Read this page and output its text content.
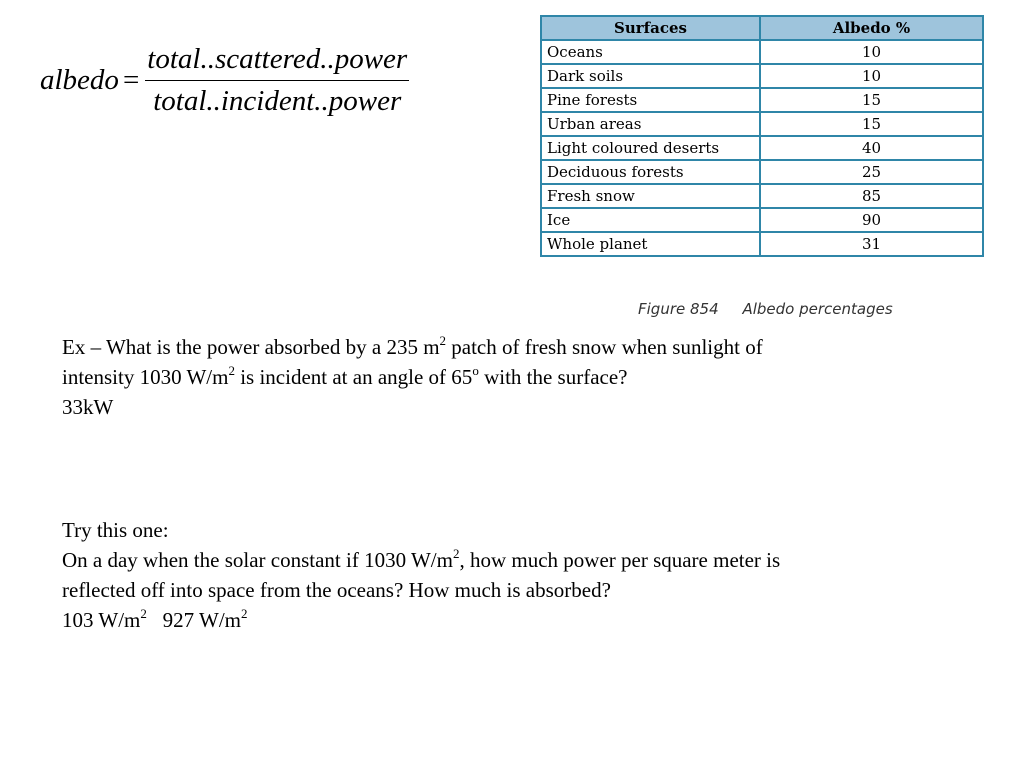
albedo = $\frac{\text{total..scattered..power}}{\text{total..incident..power}}$
Surfaces	Albedo %
Oceans	10
Dark soils	10
Pine forests	15
Urban areas	15
Light coloured deserts	40
Deciduous forests	25
Fresh snow	85
Ice	90
Whole planet	31
Figure 854     Albedo percentages

Ex – What is the power absorbed by a 235 $m^2$ patch of fresh snow when sunlight of

intensity 1030 $W/m^2$ is incident at an angle of 65$^o$ with the surface?

33kW

Try this one:

On a day when the solar constant if 1030 $W/m^2$, how much power per square meter is

reflected off into space from the oceans? How much is absorbed?

103 $W/m^2$ 927 $W/m^2$
